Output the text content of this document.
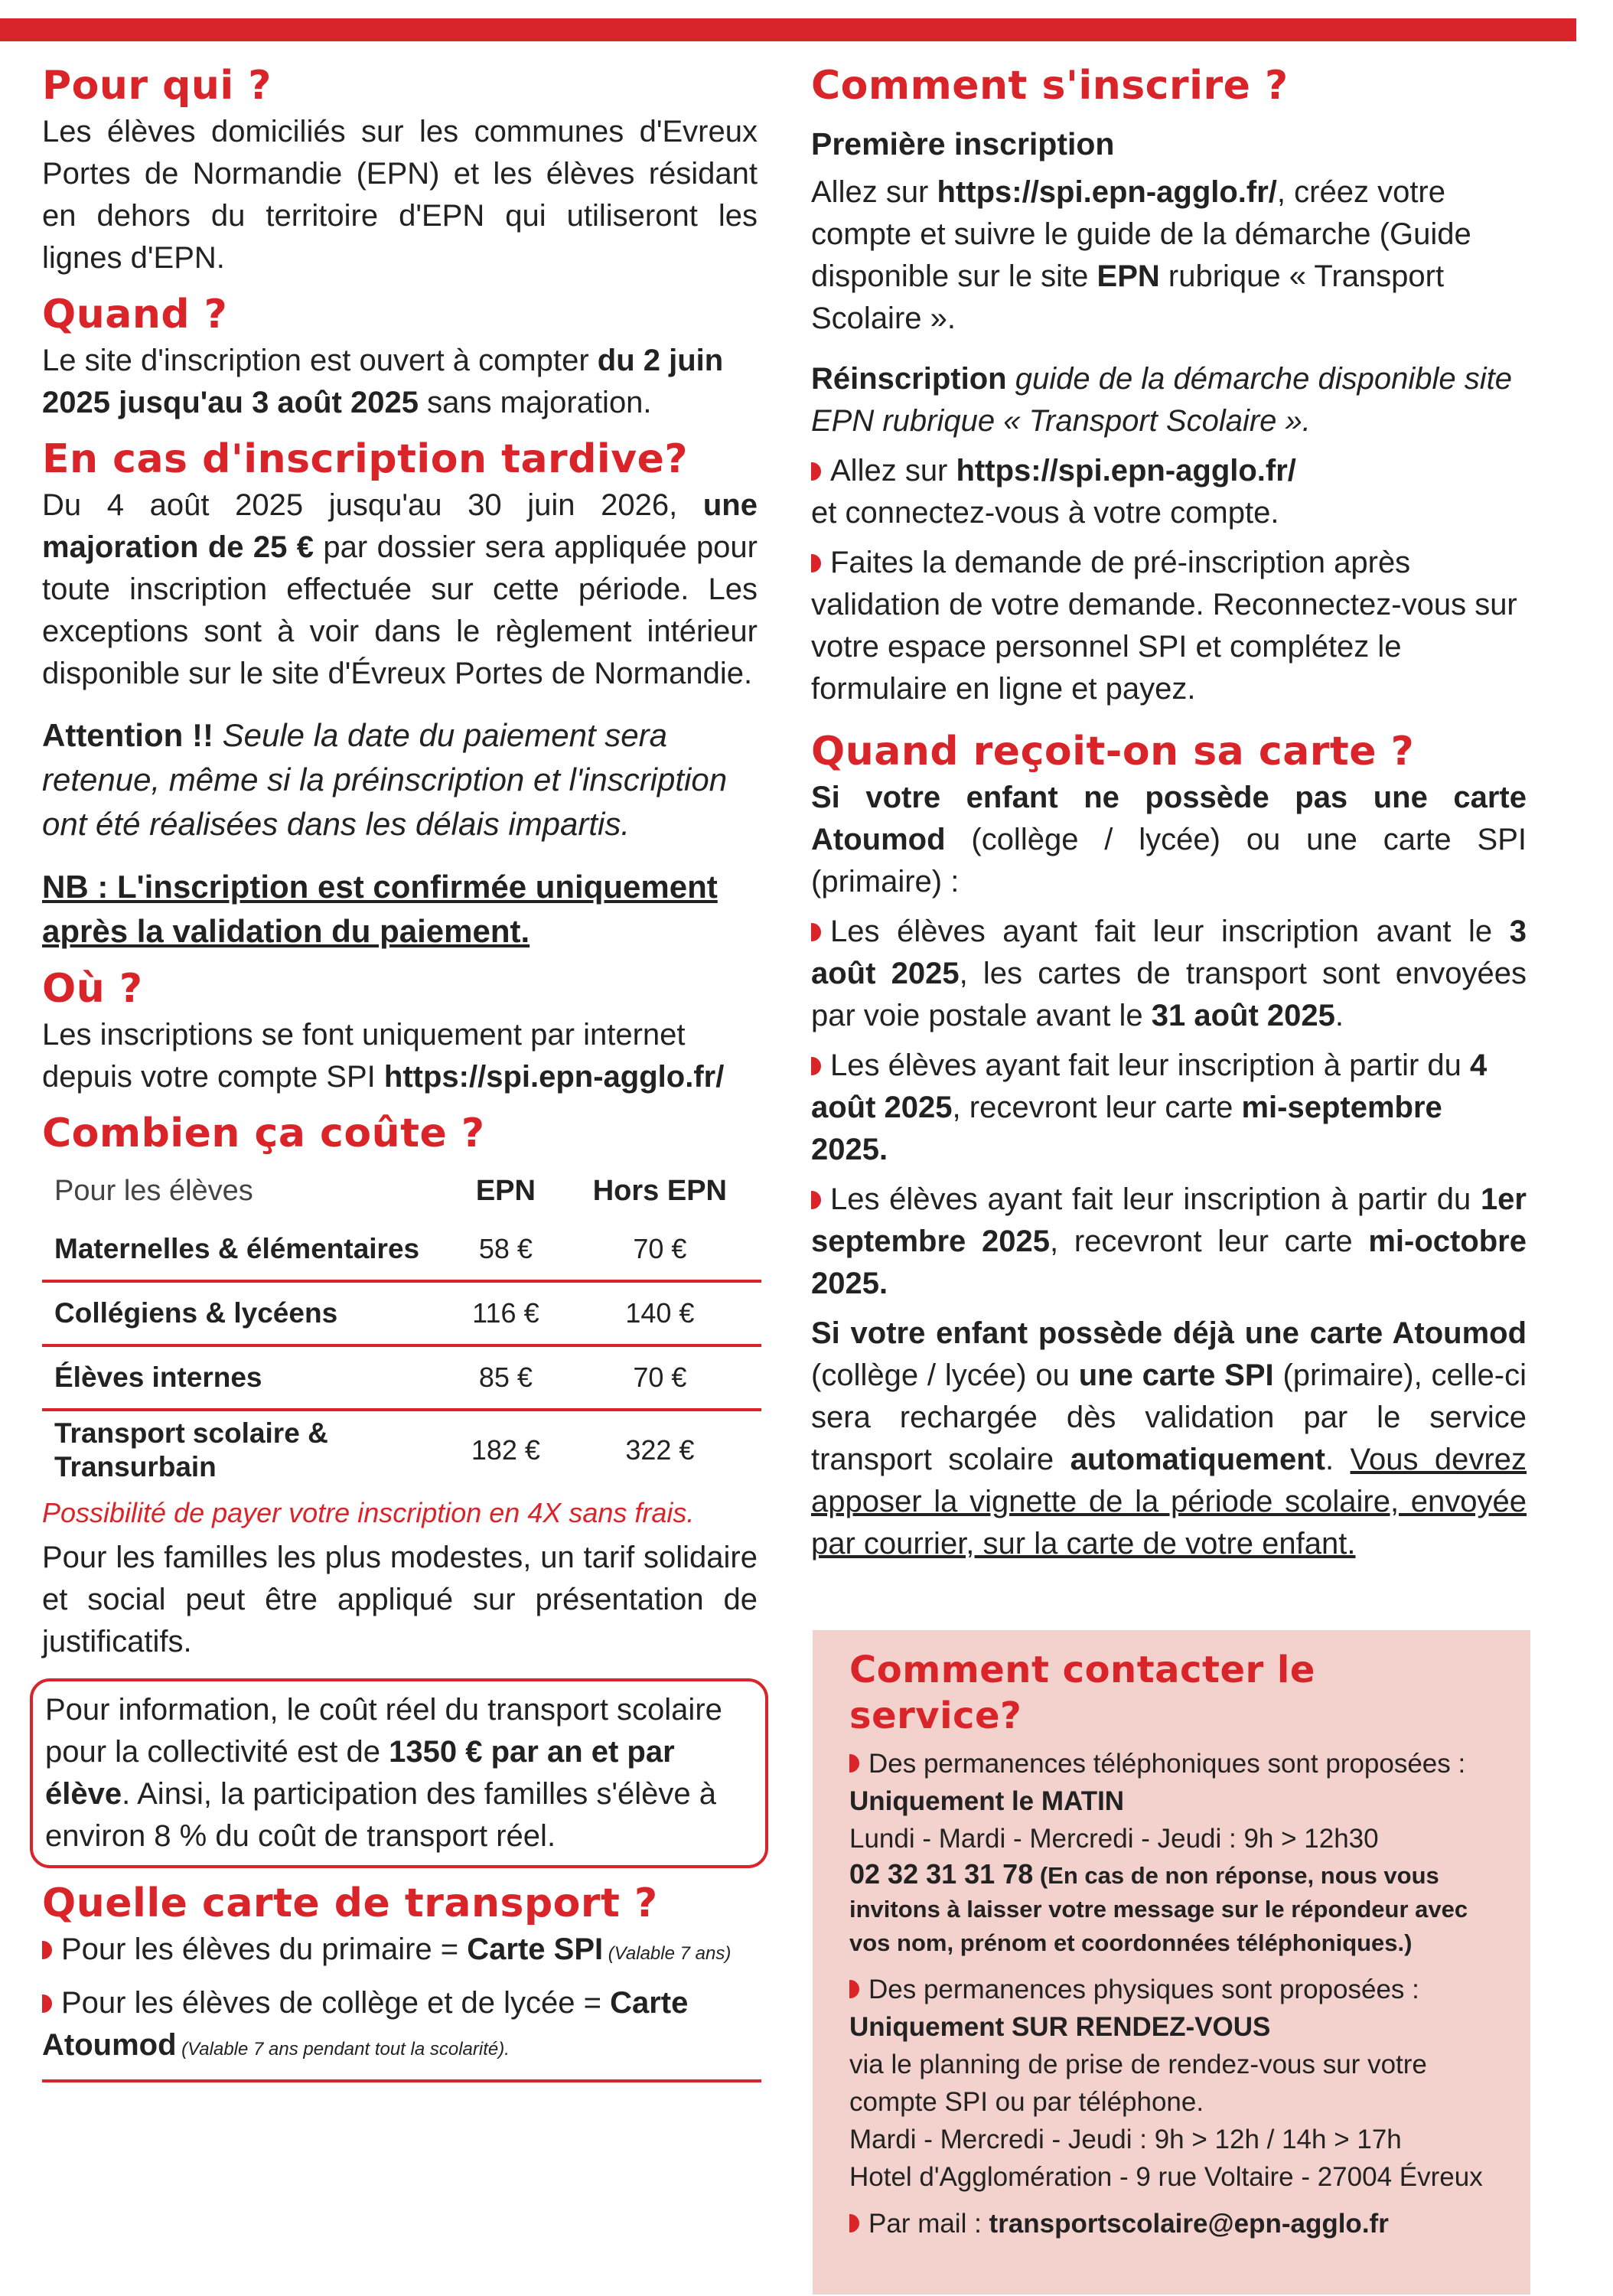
Pour qui ?

Les élèves domiciliés sur les communes d'Evreux Portes de Normandie (EPN) et les élèves résidant en dehors du territoire d'EPN qui utiliseront les lignes d'EPN.

Quand ?

Le site d'inscription est ouvert à compter du 2 juin 2025 jusqu'au 3 août 2025 sans majoration.

En cas d'inscription tardive?

Du 4 août 2025 jusqu'au 30 juin 2026, une majoration de 25 € par dossier sera appliquée pour toute inscription effectuée sur cette période. Les exceptions sont à voir dans le règlement intérieur disponible sur le site d'Évreux Portes de Normandie.

Attention !! Seule la date du paiement sera retenue, même si la préinscription et l'inscription ont été réalisées dans les délais impartis.

NB : L'inscription est confirmée uniquement après la validation du paiement.

Où ?

Les inscriptions se font uniquement par internet depuis votre compte SPI https://spi.epn-agglo.fr/

Combien ça coûte ?
Pour les élèves	EPN	Hors EPN
Maternelles & élémentaires	58 €	70 €
Collégiens & lycéens	116 €	140 €
Élèves internes	85 €	70 €
Transport scolaire & Transurbain	182 €	322 €

Possibilité de payer votre inscription en 4X sans frais.

Pour les familles les plus modestes, un tarif solidaire et social peut être appliqué sur présentation de justificatifs.

Pour information, le coût réel du transport scolaire pour la collectivité est de 1350 € par an et par élève. Ainsi, la participation des familles s'élève à environ 8 % du coût de transport réel.

Quelle carte de transport ?

Pour les élèves du primaire = Carte SPI (Valable 7 ans)

Pour les élèves de collège et de lycée = Carte Atoumod (Valable 7 ans pendant tout la scolarité).

Comment s'inscrire ?

Première inscription

Allez sur https://spi.epn-agglo.fr/, créez votre compte et suivre le guide de la démarche (Guide disponible sur le site EPN rubrique « Transport Scolaire ».

Réinscription guide de la démarche disponible site EPN rubrique « Transport Scolaire ».

Allez sur https://spi.epn-agglo.fr/
et connectez-vous à votre compte.

Faites la demande de pré-inscription après validation de votre demande. Reconnectez-vous sur votre espace personnel SPI et complétez le formulaire en ligne et payez.

Quand reçoit-on sa carte ?

Si votre enfant ne possède pas une carte Atoumod (collège / lycée) ou une carte SPI (primaire) :

Les élèves ayant fait leur inscription avant le 3 août 2025, les cartes de transport sont envoyées par voie postale avant le 31 août 2025.

Les élèves ayant fait leur inscription à partir du 4 août 2025, recevront leur carte mi-septembre 2025.

Les élèves ayant fait leur inscription à partir du 1er septembre 2025, recevront leur carte mi-octobre 2025.

Si votre enfant possède déjà une carte Atoumod (collège / lycée) ou une carte SPI (primaire), celle-ci sera rechargée dès validation par le service transport scolaire automatiquement. Vous devrez apposer la vignette de la période scolaire, envoyée par courrier, sur la carte de votre enfant.

Comment contacter le service?

Des permanences téléphoniques sont proposées :

Uniquement le MATIN

Lundi - Mardi - Mercredi - Jeudi : 9h > 12h30

02 32 31 31 78 (En cas de non réponse, nous vous invitons à laisser votre message sur le répondeur avec vos nom, prénom et coordonnées téléphoniques.)

Des permanences physiques sont proposées :

Uniquement SUR RENDEZ-VOUS

via le planning de prise de rendez-vous sur votre compte SPI ou par téléphone.

Mardi - Mercredi - Jeudi : 9h > 12h / 14h > 17h

Hotel d'Agglomération - 9 rue Voltaire - 27004 Évreux

Par mail : transportscolaire@epn-agglo.fr
